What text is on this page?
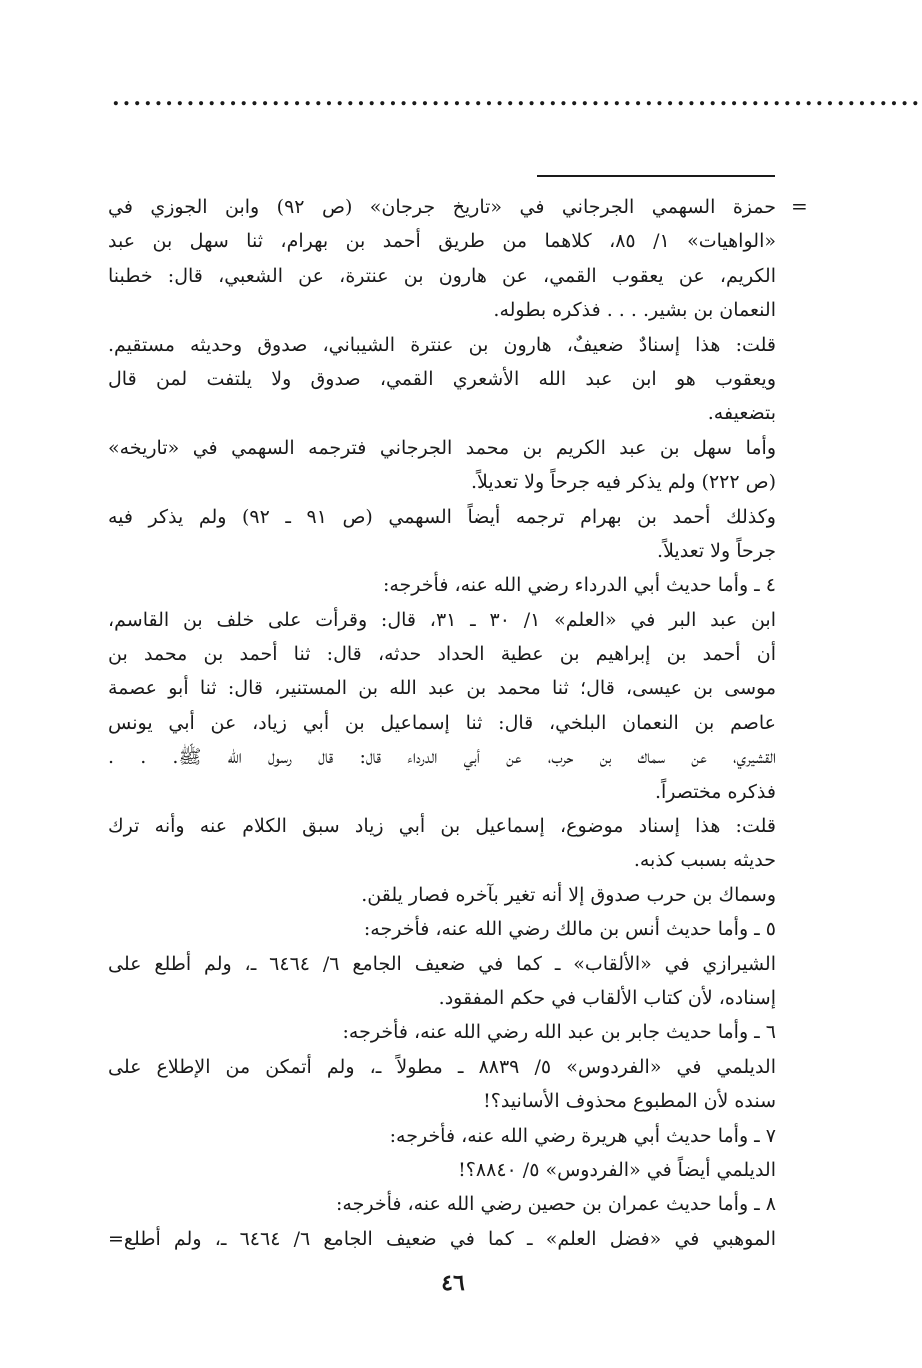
............................................................................
=
حمزة السهمي الجرجاني في «تاريخ جرجان» (ص ٩٢) وابن الجوزي في
«الواهيات» ١/ ٨٥، كلاهما من طريق أحمد بن بهرام، ثنا سهل بن عبد
الكريم، عن يعقوب القمي، عن هارون بن عنترة، عن الشعبي، قال: خطبنا
النعمان بن بشير. . . . فذكره بطوله.
قلت: هذا إسنادٌ ضعيفٌ، هارون بن عنترة الشيباني، صدوق وحديثه مستقيم.
ويعقوب هو ابن عبد الله الأشعري القمي، صدوق ولا يلتفت لمن قال
بتضعيفه.
وأما سهل بن عبد الكريم بن محمد الجرجاني فترجمه السهمي في «تاريخه»
(ص ٢٢٢) ولم يذكر فيه جرحاً ولا تعديلاً.
وكذلك أحمد بن بهرام ترجمه أيضاً السهمي (ص ٩١ ـ ٩٢) ولم يذكر فيه
جرحاً ولا تعديلاً.
٤ ـ وأما حديث أبي الدرداء رضي الله عنه، فأخرجه:
ابن عبد البر في «العلم» ١/ ٣٠ ـ ٣١، قال: وقرأت على خلف بن القاسم،
أن أحمد بن إبراهيم بن عطية الحداد حدثه، قال: ثنا أحمد بن محمد بن
موسى بن عيسى، قال؛ ثنا محمد بن عبد الله بن المستنير، قال: ثنا أبو عصمة
عاصم بن النعمان البلخي، قال: ثنا إسماعيل بن أبي زياد، عن أبي يونس
القشيري، عن سماك بن حرب، عن أبي الدرداء قال: قال رسول الله ﷺ. . .
فذكره مختصراً.
قلت: هذا إسناد موضوع، إسماعيل بن أبي زياد سبق الكلام عنه وأنه ترك
حديثه بسبب كذبه.
وسماك بن حرب صدوق إلا أنه تغير بآخره فصار يلقن.
٥ ـ وأما حديث أنس بن مالك رضي الله عنه، فأخرجه:
الشيرازي في «الألقاب» ـ كما في ضعيف الجامع ٦/ ٦٤٦٤ ـ، ولم أطلع على
إسناده، لأن كتاب الألقاب في حكم المفقود.
٦ ـ وأما حديث جابر بن عبد الله رضي الله عنه، فأخرجه:
الديلمي في «الفردوس» ٥/ ٨٨٣٩ ـ مطولاً ـ، ولم أتمكن من الإطلاع على
سنده لأن المطبوع محذوف الأسانيد؟!
٧ ـ وأما حديث أبي هريرة رضي الله عنه، فأخرجه:
الديلمي أيضاً في «الفردوس» ٥/ ٨٨٤٠؟!
٨ ـ وأما حديث عمران بن حصين رضي الله عنه، فأخرجه:
الموهبي في «فضل العلم» ـ كما في ضعيف الجامع ٦/ ٦٤٦٤ ـ، ولم أطلع=
٤٦
